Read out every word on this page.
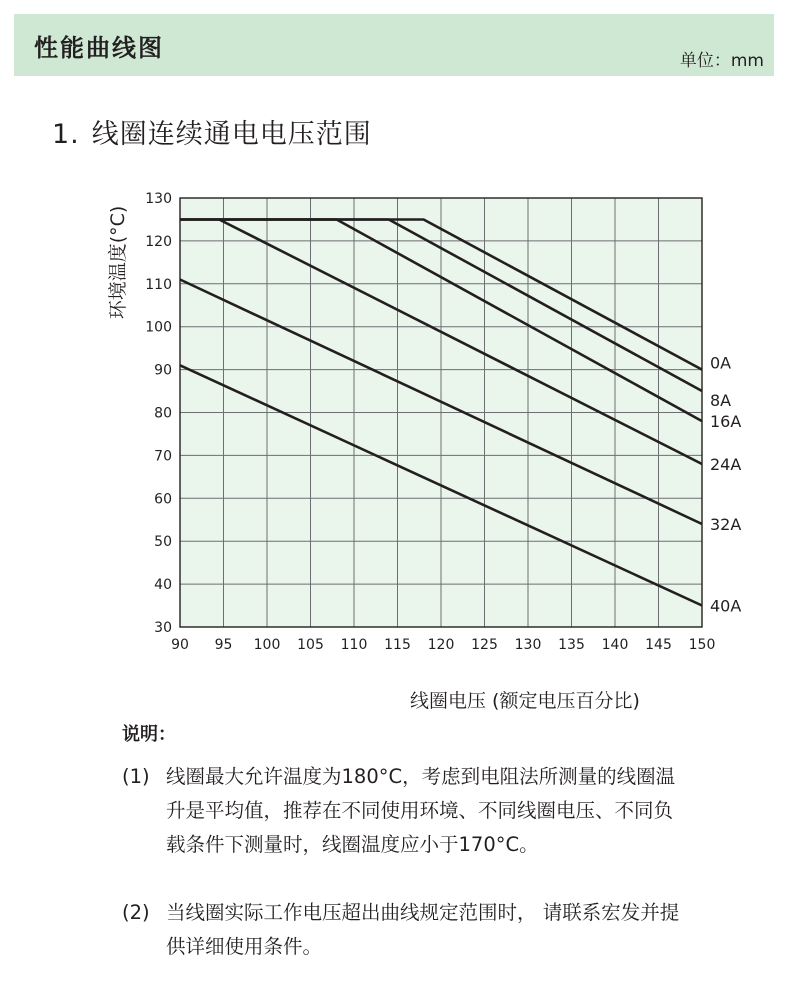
性能曲线图	单位：mm
1. 线圈连续通电电压范围
90 95 100 105 110 115 120 125 130 135 140 145 150
30
40
50
60
70
80
90
100
110
120
130
环境温度(°C)
0A
8A
16A
24A
32A
40A
线圈电压 (额定电压百分比)
说明：
(1) 线圈最大允许温度为180°C，考虑到电阻法所测量的线圈温升是平均值，推荐在不同使用环境、不同线圈电压、不同负载条件下测量时，线圈温度应小于170°C。
(2) 当线圈实际工作电压超出曲线规定范围时， 请联系宏发并提供详细使用条件。
